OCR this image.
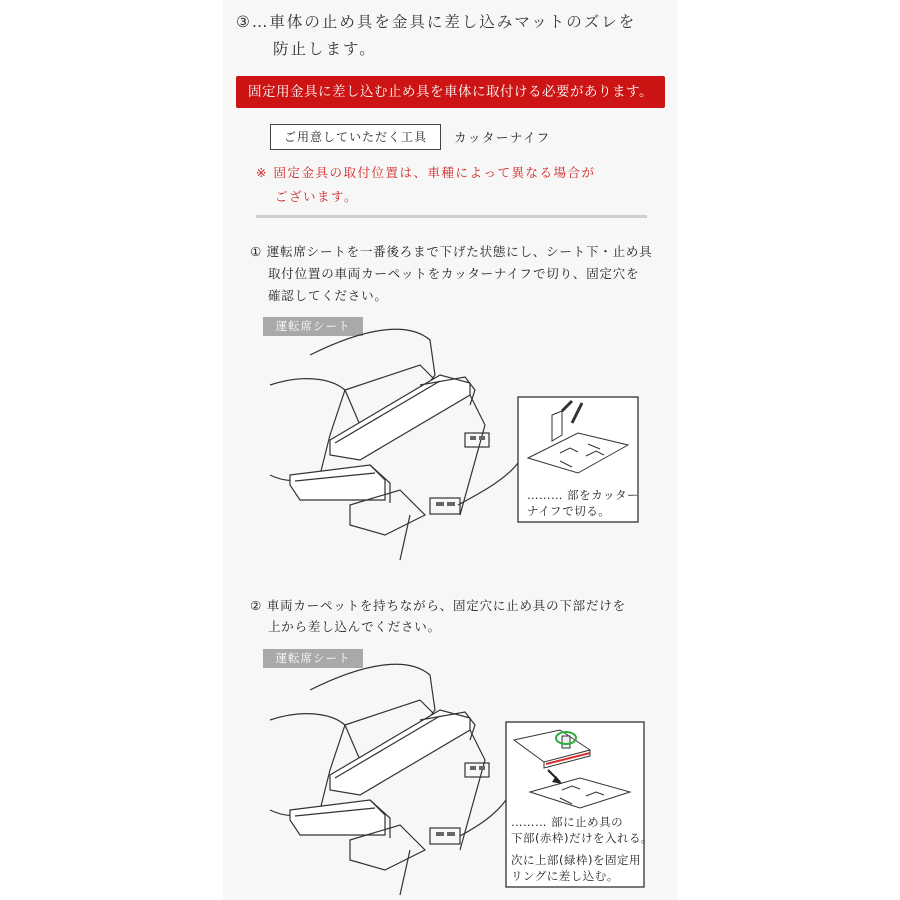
③…車体の止め具を金具に差し込みマットのズレを
防止します。
固定用金具に差し込む止め具を車体に取付ける必要があります。
ご用意していただく工具	カッターナイフ
※ 固定金具の取付位置は、車種によって異なる場合が
ございます。
① 運転席シートを一番後ろまで下げた状態にし、シート下・止め具
取付位置の車両カーペットをカッターナイフで切り、固定穴を
確認してください。
運転席シート
……… 部をカッター
ナイフで切る。
② 車両カーペットを持ちながら、固定穴に止め具の下部だけを
上から差し込んでください。
運転席シート
……… 部に止め具の
下部(赤枠)だけを入れる。
次に上部(緑枠)を固定用
リングに差し込む。
